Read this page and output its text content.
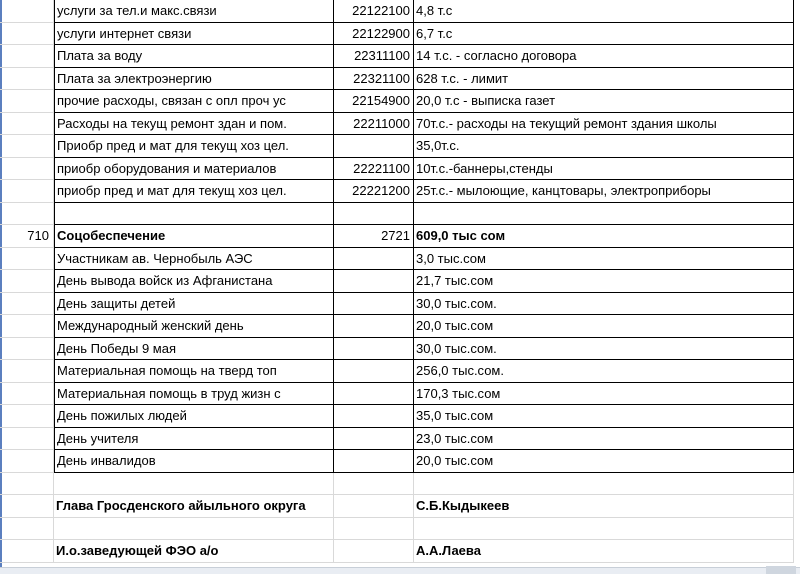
услуги за тел.и макс.связи	22122100 4,8 т.с
услуги интернет связи	22122900 6,7 т.с
Плата за воду	22311100 14 т.с. - согласно договора
Плата за электроэнергию	22321100 628 т.с. - лимит
прочие расходы, связан с опл проч ус	22154900 20,0 т.с - выписка газет
Расходы на текущ ремонт здан и пом.	22211000 70т.с.- расходы на текущий ремонт здания школы
Приобр пред и мат для текущ хоз цел.	35,0т.с.
приобр оборудования и материалов	22221100 10т.с.-баннеры,стенды
приобр пред и мат для текущ хоз цел.	22221200 25т.с.- мылоющие, канцтовары, электроприборы
710 Соцобеспечение	2721 609,0 тыс сом
Участникам ав. Чернобыль АЭС	3,0 тыс.сом
День вывода войск из Афганистана	21,7 тыс.сом
День защиты детей	30,0 тыс.сом.
Международный женский день	20,0 тыс.сом
День Победы 9 мая	30,0 тыс.сом.
Материальная помощь на тверд топ	256,0 тыс.сом.
Материальная помощь в труд жизн с	170,3 тыс.сом
День пожилых людей	35,0 тыс.сом
День учителя	23,0 тыс.сом
День инвалидов	20,0 тыс.сом
Глава Гросденского айыльного округа	С.Б.Кыдыкеев
И.о.заведующей ФЭО а/о	А.А.Лаева
